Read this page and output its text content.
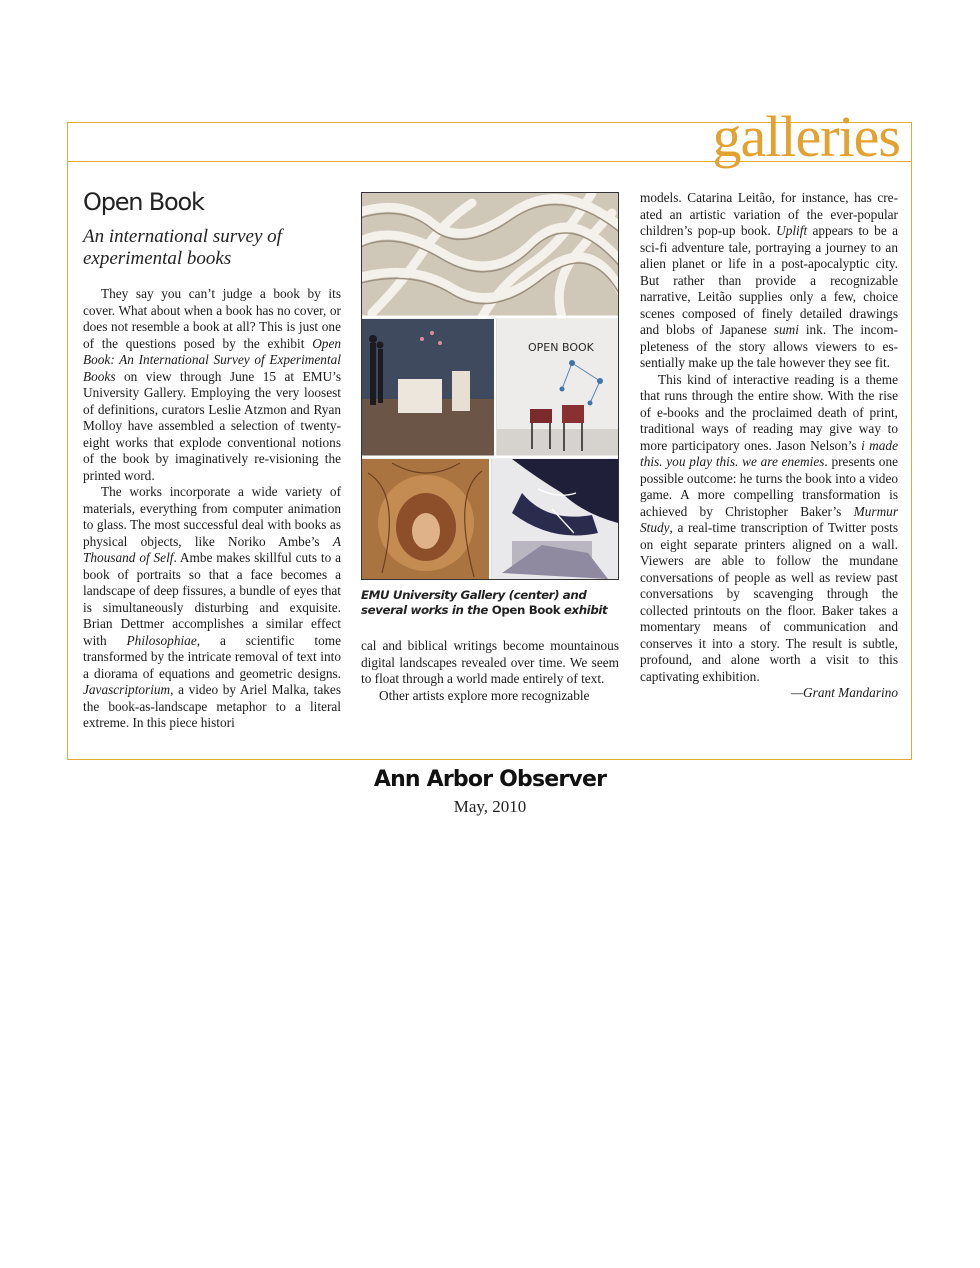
galleries
Open Book
An international survey of experimental books

They say you can’t judge a book by its cover. What about when a book has no cover, or does not resemble a book at all? This is just one of the questions posed by the exhibit Open Book: An International Survey of Experimental Books on view through June 15 at EMU’s University Gallery. Employing the very loosest of definitions, curators Leslie Atzmon and Ryan Molloy have assembled a selection of twenty-eight works that explode conventional notions of the book by imaginatively re-visioning the printed word.

The works incorporate a wide variety of materials, everything from computer animation to glass. The most successful deal with books as physical objects, like Noriko Ambe’s A Thousand of Self. Ambe makes skillful cuts to a book of portraits so that a face becomes a landscape of deep fissures, a bundle of eyes that is simultaneously disturbing and exquisite. Brian Dettmer accomplishes a similar effect with Philosophiae, a scientific tome transformed by the intricate removal of text into a diorama of equations and geometric designs. Javascriptorium, a video by Ariel Malka, takes the book-as-landscape metaphor to a literal extreme. In this piece histori

OPEN BOOK
EMU University Gallery (center) and several works in the Open Book exhibit

cal and biblical writings become mountainous digital landscapes revealed over time. We seem to float through a world made entirely of text.

Other artists explore more recognizable

models. Catarina Leitão, for instance, has created an artistic variation of the ever-popular children’s pop-up book. Uplift appears to be a sci-fi adventure tale, portraying a journey to an alien planet or life in a post-apocalyptic city. But rather than provide a recognizable narrative, Leitão supplies only a few, choice scenes composed of finely detailed drawings and blobs of Japanese sumi ink. The incompleteness of the story allows viewers to essentially make up the tale however they see fit.

This kind of interactive reading is a theme that runs through the entire show. With the rise of e-books and the proclaimed death of print, traditional ways of reading may give way to more participatory ones. Jason Nelson’s i made this. you play this. we are enemies. presents one possible outcome: he turns the book into a video game. A more compelling transformation is achieved by Christopher Baker’s Murmur Study, a real-time transcription of Twitter posts on eight separate printers aligned on a wall. Viewers are able to follow the mundane conversations of people as well as review past conversations by scavenging through the collected printouts on the floor. Baker takes a momentary means of communication and conserves it into a story. The result is subtle, profound, and alone worth a visit to this captivating exhibition.

—Grant Mandarino

Ann Arbor Observer
May, 2010
